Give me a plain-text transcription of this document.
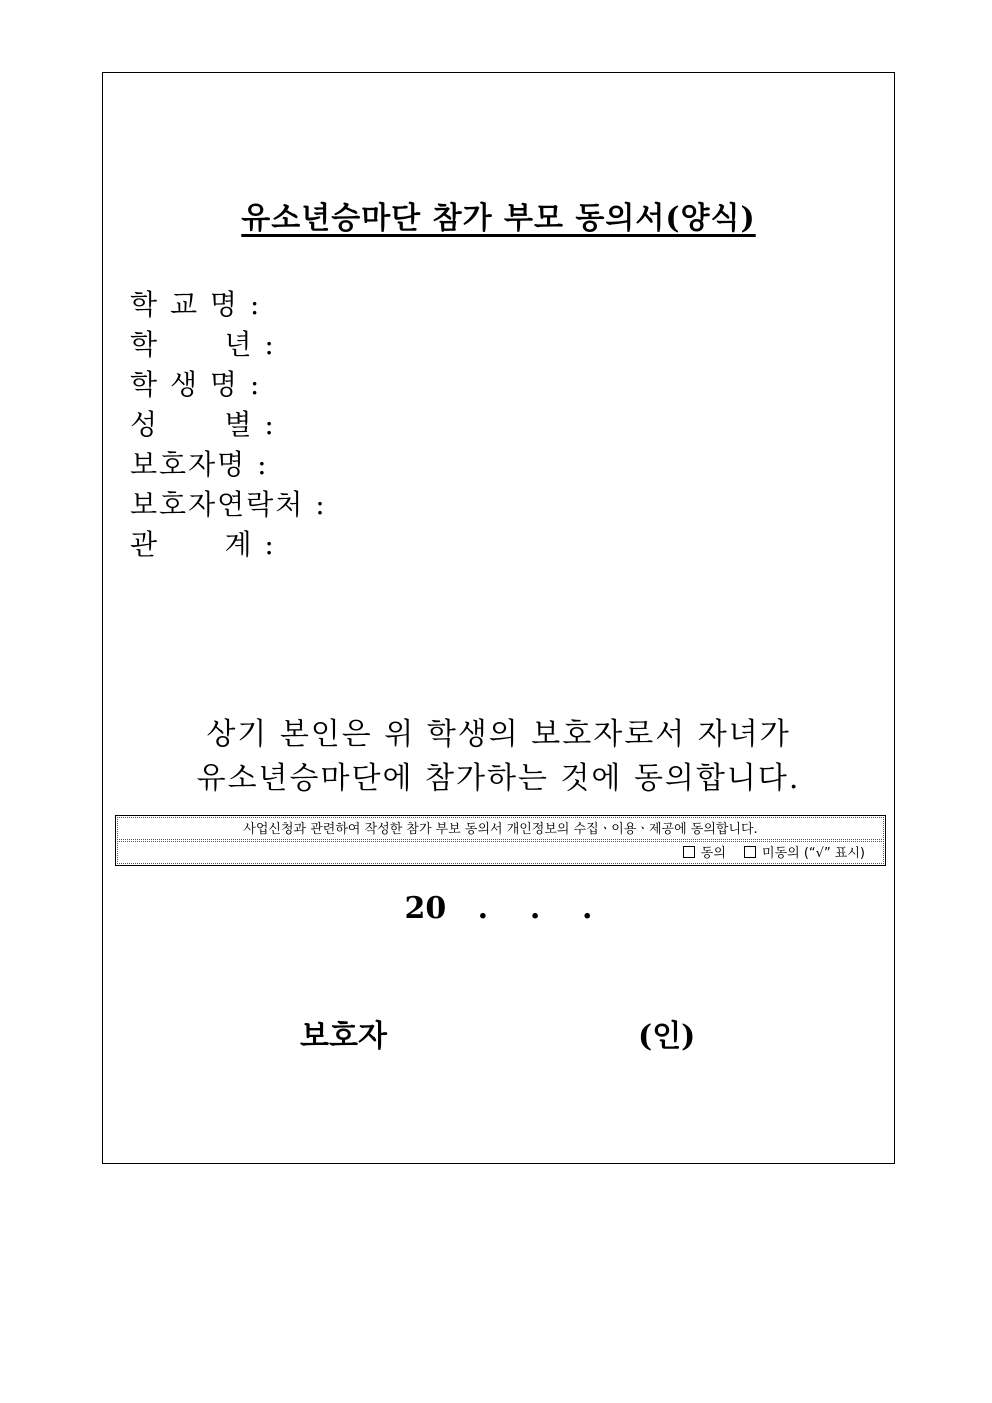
유소년승마단 참가 부모 동의서(양식)
학 교 명 :
학      년 :
학 생 명 :
성      별 :
보호자명 :
보호자연락처 :
관      계 :
상기 본인은 위 학생의 보호자로서 자녀가
유소년승마단에 참가하는 것에 동의합니다.
사업신청과 관련하여 작성한 참가 부보 동의서 개인정보의 수집ㆍ이용ㆍ제공에 동의합니다.
동의	미동의 (“√” 표시)
20   .    .    .
보호자	(인)
